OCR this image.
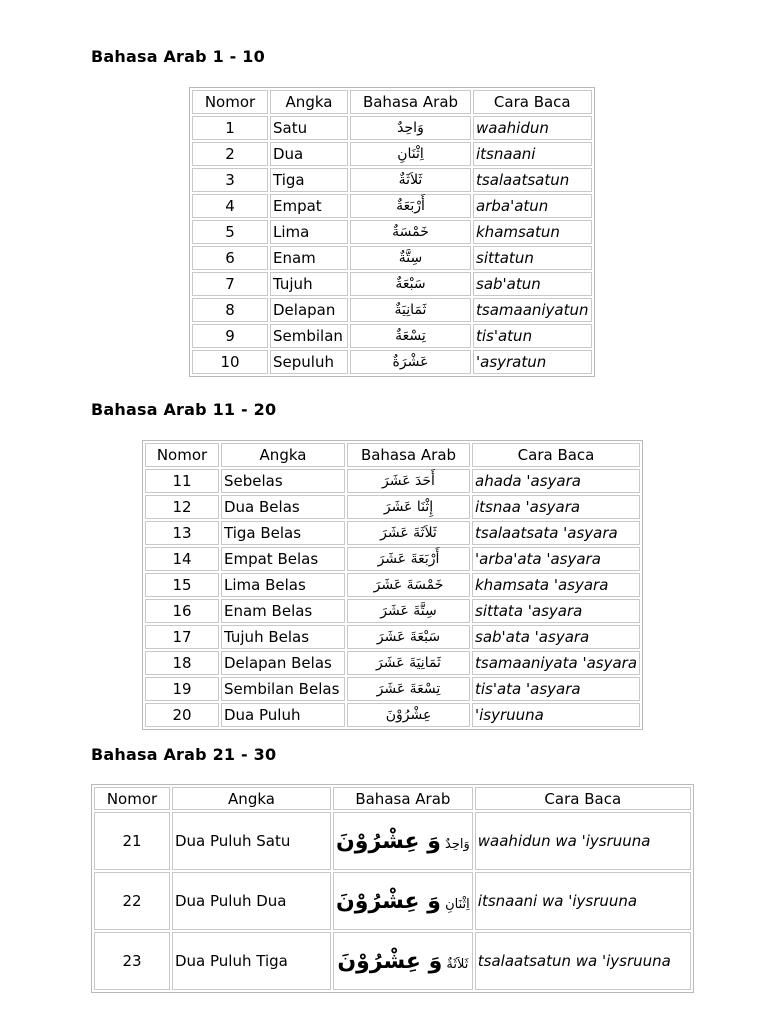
Bahasa Arab 1 - 10
Nomor	Angka	Bahasa Arab	Cara Baca
1	Satu	وَاحِدٌ	waahidun
2	Dua	اِثْنَانِ	itsnaani
3	Tiga	ثَلاَثَةٌ	tsalaatsatun
4	Empat	أَرْبَعَةٌ	arba'atun
5	Lima	خَمْسَةٌ	khamsatun
6	Enam	سِتَّةٌ	sittatun
7	Tujuh	سَبْعَةٌ	sab'atun
8	Delapan	ثَمَانِيَةٌ	tsamaaniyatun
9	Sembilan	تِسْعَةٌ	tis'atun
10	Sepuluh	عَشْرَةٌ	'asyratun
Bahasa Arab 11 - 20
Nomor	Angka	Bahasa Arab	Cara Baca
11	Sebelas	أَحَدَ عَشَرَ	ahada 'asyara
12	Dua Belas	إِثْنَا عَشَرَ	itsnaa 'asyara
13	Tiga Belas	ثَلاَثَةَ عَشَرَ	tsalaatsata 'asyara
14	Empat Belas	أَرْبَعَةَ عَشَرَ	'arba'ata 'asyara
15	Lima Belas	خَمْسَةَ عَشَرَ	khamsata 'asyara
16	Enam Belas	سِتَّةَ عَشَرَ	sittata 'asyara
17	Tujuh Belas	سَبْعَةَ عَشَرَ	sab'ata 'asyara
18	Delapan Belas	ثَمَانِيَةَ عَشَرَ	tsamaaniyata 'asyara
19	Sembilan Belas	تِسْعَةَ عَشَرَ	tis'ata 'asyara
20	Dua Puluh	عِشْرُوْنَ	'isyruuna
Bahasa Arab 21 - 30
Nomor	Angka	Bahasa Arab	Cara Baca
21	Dua Puluh Satu	وَاحِدٌ وَ عِشْرُوْنَ	waahidun wa 'iysruuna
22	Dua Puluh Dua	اِثْنَانِ وَ عِشْرُوْنَ	itsnaani wa 'iysruuna
23	Dua Puluh Tiga	ثَلاَثَةٌ وَ عِشْرُوْنَ	tsalaatsatun wa 'iysruuna
